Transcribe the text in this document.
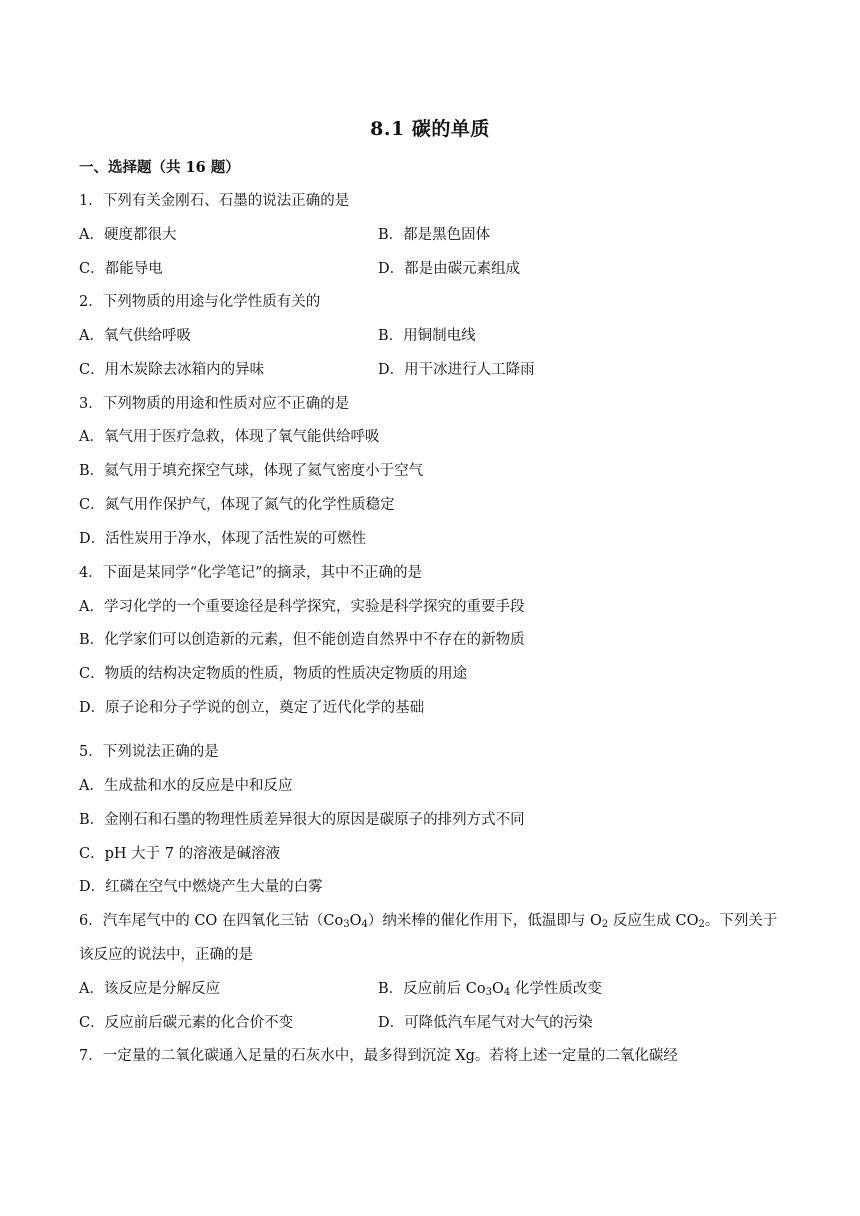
8.1 碳的单质
一、选择题（共 16 题）
1．下列有关金刚石、石墨的说法正确的是
A．硬度都很大	B．都是黑色固体
C．都能导电	D．都是由碳元素组成
2．下列物质的用途与化学性质有关的
A．氧气供给呼吸	B．用铜制电线
C．用木炭除去冰箱内的异味	D．用干冰进行人工降雨
3．下列物质的用途和性质对应不正确的是
A．氧气用于医疗急救，体现了氧气能供给呼吸
B．氦气用于填充探空气球，体现了氦气密度小于空气
C．氮气用作保护气，体现了氮气的化学性质稳定
D．活性炭用于净水，体现了活性炭的可燃性
4．下面是某同学“化学笔记”的摘录，其中不正确的是
A．学习化学的一个重要途径是科学探究，实验是科学探究的重要手段
B．化学家们可以创造新的元素，但不能创造自然界中不存在的新物质
C．物质的结构决定物质的性质，物质的性质决定物质的用途
D．原子论和分子学说的创立，奠定了近代化学的基础
5．下列说法正确的是
A．生成盐和水的反应是中和反应
B．金刚石和石墨的物理性质差异很大的原因是碳原子的排列方式不同
C．pH 大于 7 的溶液是碱溶液
D．红磷在空气中燃烧产生大量的白雾
6．汽车尾气中的 CO 在四氧化三钴$(Co_3O_4)$纳米棒的催化作用下，低温即与 $O_2$ 反应生成 $CO_2$。下列关于
该反应的说法中，正确的是
A．该反应是分解反应	B．反应前后 $Co_3O_4$ 化学性质改变
C．反应前后碳元素的化合价不变	D．可降低汽车尾气对大气的污染
7．一定量的二氧化碳通入足量的石灰水中，最多得到沉淀 Xg。若将上述一定量的二氧化碳经
